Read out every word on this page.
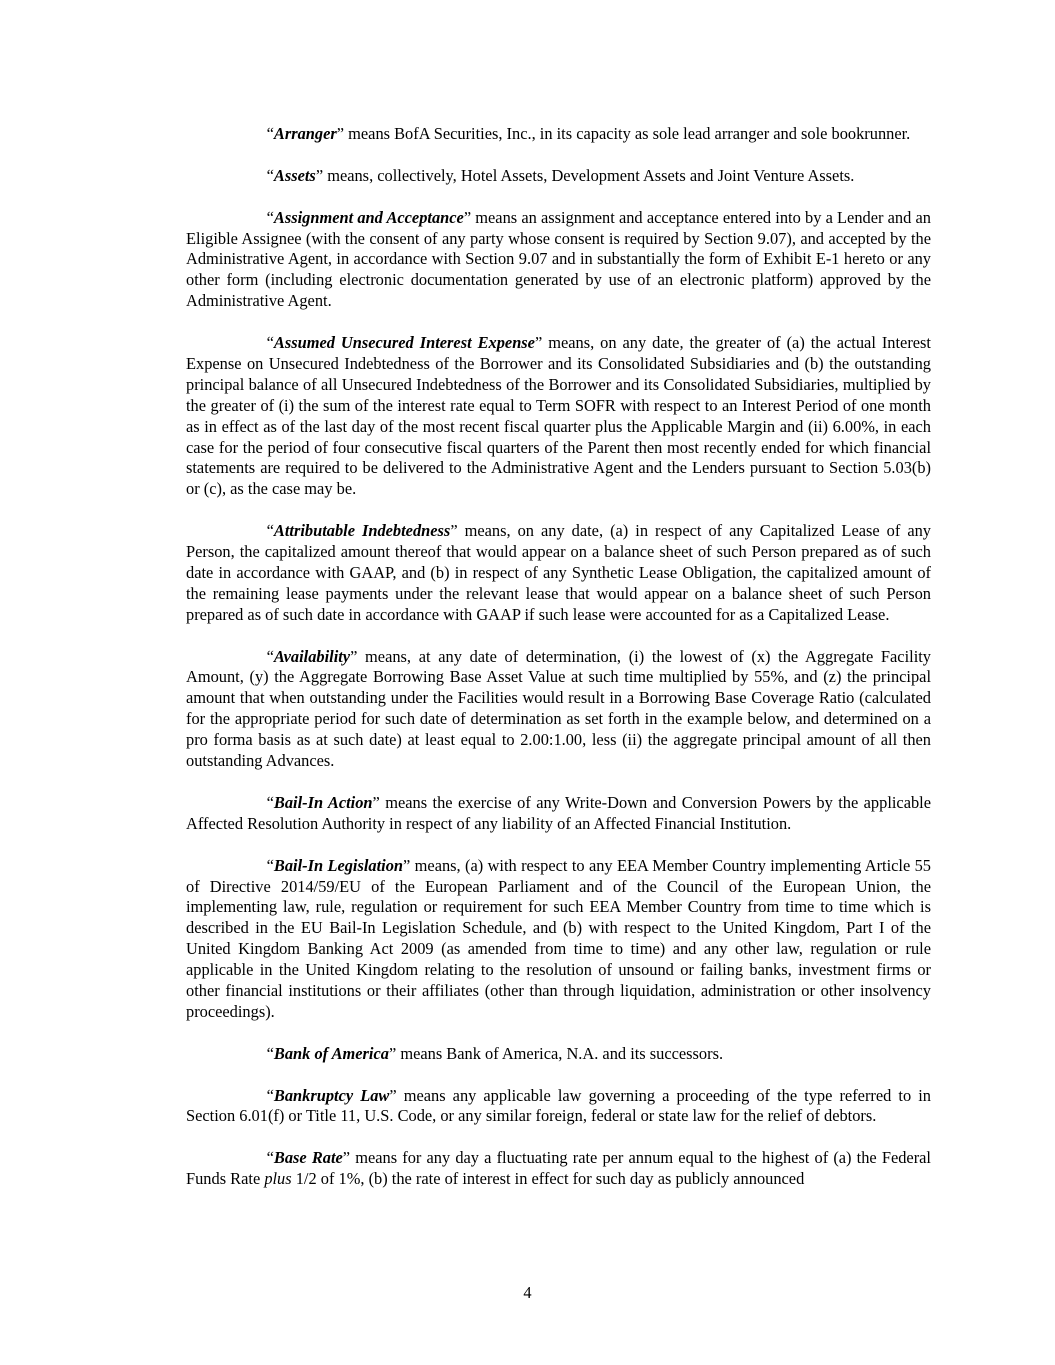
“Arranger” means BofA Securities, Inc., in its capacity as sole lead arranger and sole bookrunner.

“Assets” means, collectively, Hotel Assets, Development Assets and Joint Venture Assets.

“Assignment and Acceptance” means an assignment and acceptance entered into by a Lender and an Eligible Assignee (with the consent of any party whose consent is required by Section 9.07), and accepted by the Administrative Agent, in accordance with Section 9.07 and in substantially the form of Exhibit E-1 hereto or any other form (including electronic documentation generated by use of an electronic platform) approved by the Administrative Agent.

“Assumed Unsecured Interest Expense” means, on any date, the greater of (a) the actual Interest Expense on Unsecured Indebtedness of the Borrower and its Consolidated Subsidiaries and (b) the outstanding principal balance of all Unsecured Indebtedness of the Borrower and its Consolidated Subsidiaries, multiplied by the greater of (i) the sum of the interest rate equal to Term SOFR with respect to an Interest Period of one month as in effect as of the last day of the most recent fiscal quarter plus the Applicable Margin and (ii) 6.00%, in each case for the period of four consecutive fiscal quarters of the Parent then most recently ended for which financial statements are required to be delivered to the Administrative Agent and the Lenders pursuant to Section 5.03(b) or (c), as the case may be.

“Attributable Indebtedness” means, on any date, (a) in respect of any Capitalized Lease of any Person, the capitalized amount thereof that would appear on a balance sheet of such Person prepared as of such date in accordance with GAAP, and (b) in respect of any Synthetic Lease Obligation, the capitalized amount of the remaining lease payments under the relevant lease that would appear on a balance sheet of such Person prepared as of such date in accordance with GAAP if such lease were accounted for as a Capitalized Lease.

“Availability” means, at any date of determination, (i) the lowest of (x) the Aggregate Facility Amount, (y) the Aggregate Borrowing Base Asset Value at such time multiplied by 55%, and (z) the principal amount that when outstanding under the Facilities would result in a Borrowing Base Coverage Ratio (calculated for the appropriate period for such date of determination as set forth in the example below, and determined on a pro forma basis as at such date) at least equal to 2.00:1.00, less (ii) the aggregate principal amount of all then outstanding Advances.

“Bail-In Action” means the exercise of any Write-Down and Conversion Powers by the applicable Affected Resolution Authority in respect of any liability of an Affected Financial Institution.

“Bail-In Legislation” means, (a) with respect to any EEA Member Country implementing Article 55 of Directive 2014/59/EU of the European Parliament and of the Council of the European Union, the implementing law, rule, regulation or requirement for such EEA Member Country from time to time which is described in the EU Bail-In Legislation Schedule, and (b) with respect to the United Kingdom, Part I of the United Kingdom Banking Act 2009 (as amended from time to time) and any other law, regulation or rule applicable in the United Kingdom relating to the resolution of unsound or failing banks, investment firms or other financial institutions or their affiliates (other than through liquidation, administration or other insolvency proceedings).

“Bank of America” means Bank of America, N.A. and its successors.

“Bankruptcy Law” means any applicable law governing a proceeding of the type referred to in Section 6.01(f) or Title 11, U.S. Code, or any similar foreign, federal or state law for the relief of debtors.

“Base Rate” means for any day a fluctuating rate per annum equal to the highest of (a) the Federal Funds Rate plus 1/2 of 1%, (b) the rate of interest in effect for such day as publicly announced

4
